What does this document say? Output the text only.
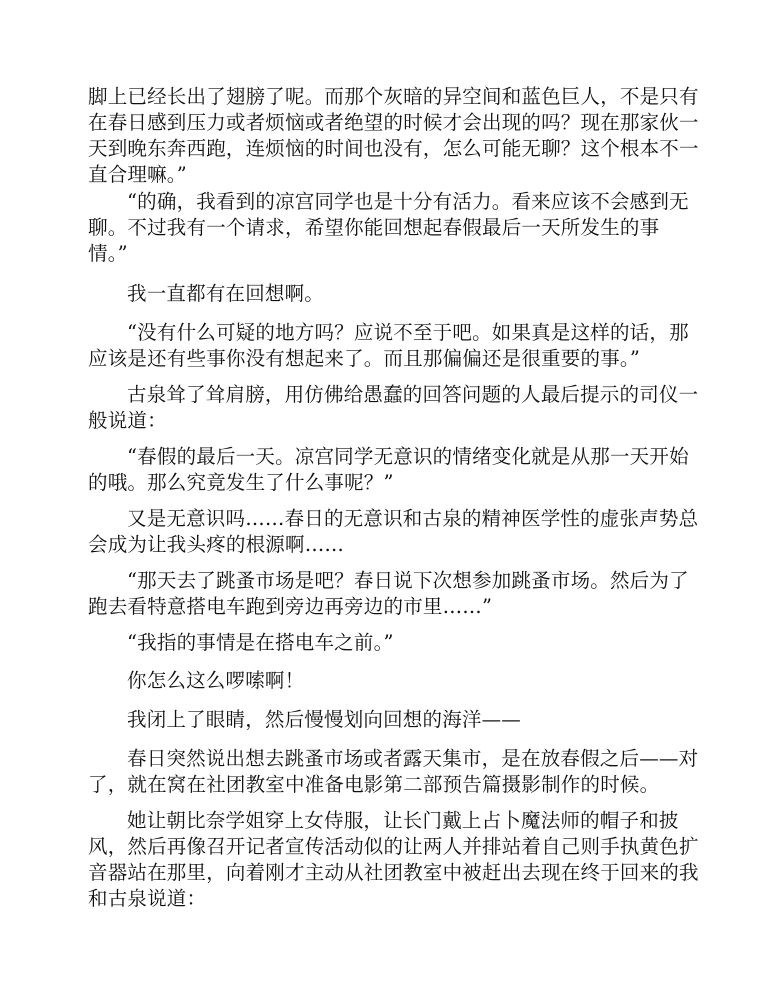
脚上已经长出了翅膀了呢。而那个灰暗的异空间和蓝色巨人，不是只有
在春日感到压力或者烦恼或者绝望的时候才会出现的吗？现在那家伙一
天到晚东奔西跑，连烦恼的时间也没有，怎么可能无聊？这个根本不一
直合理嘛。”

“的确，我看到的凉宫同学也是十分有活力。看来应该不会感到无
聊。不过我有一个请求，希望你能回想起春假最后一天所发生的事
情。”

我一直都有在回想啊。

“没有什么可疑的地方吗？应说不至于吧。如果真是这样的话，那
应该是还有些事你没有想起来了。而且那偏偏还是很重要的事。”

古泉耸了耸肩膀，用仿佛给愚蠢的回答问题的人最后提示的司仪一
般说道：

“春假的最后一天。凉宫同学无意识的情绪变化就是从那一天开始
的哦。那么究竟发生了什么事呢？”

又是无意识吗……春日的无意识和古泉的精神医学性的虚张声势总
会成为让我头疼的根源啊……

“那天去了跳蚤市场是吧？春日说下次想参加跳蚤市场。然后为了
跑去看特意搭电车跑到旁边再旁边的市里……”

“我指的事情是在搭电车之前。”

你怎么这么啰嗦啊！

我闭上了眼睛，然后慢慢划向回想的海洋——

春日突然说出想去跳蚤市场或者露天集市，是在放春假之后——对
了，就在窝在社团教室中准备电影第二部预告篇摄影制作的时候。

她让朝比奈学姐穿上女侍服，让长门戴上占卜魔法师的帽子和披
风，然后再像召开记者宣传活动似的让两人并排站着自己则手执黄色扩
音器站在那里，向着刚才主动从社团教室中被赶出去现在终于回来的我
和古泉说道：
